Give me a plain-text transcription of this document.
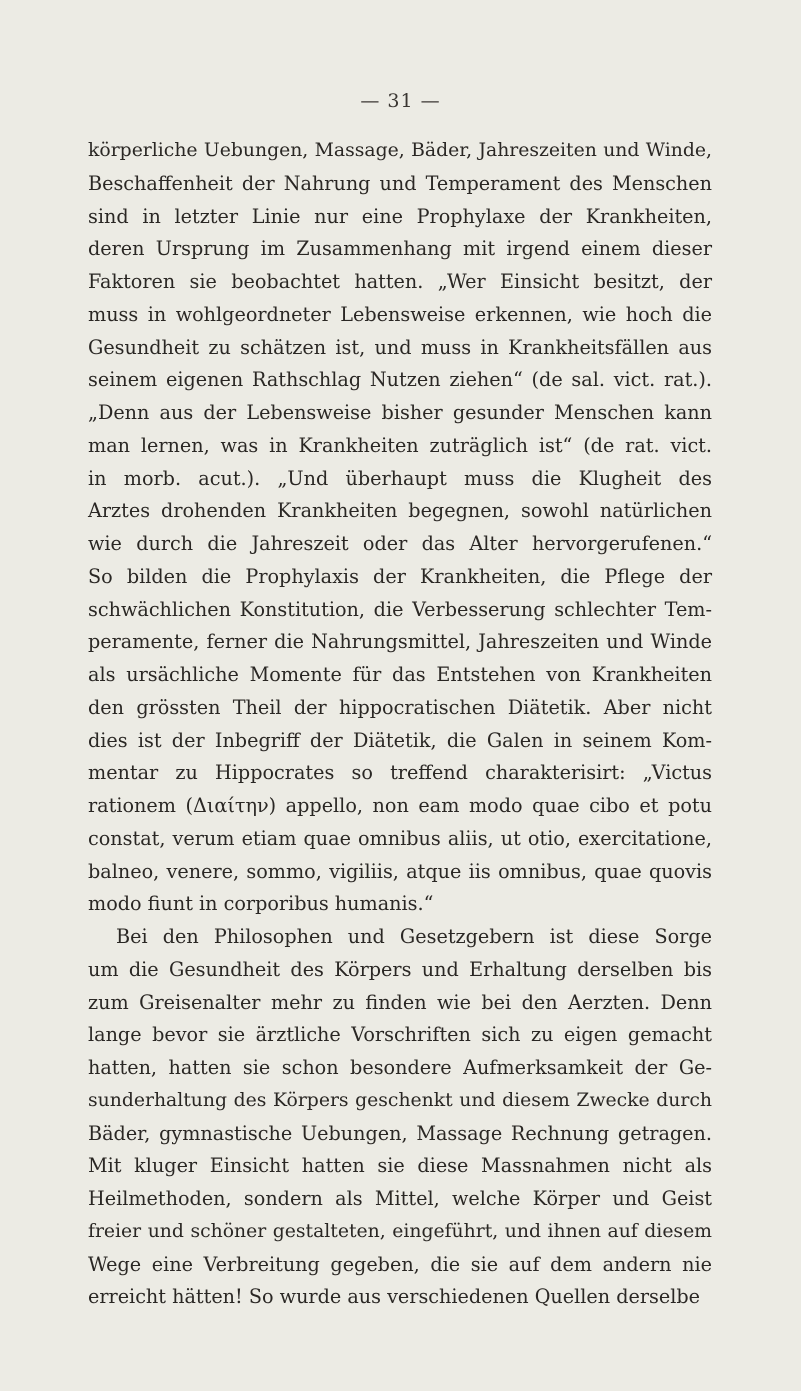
— 31 —
körperliche Uebungen, Massage, Bäder, Jahreszeiten und Winde,
Beschaffenheit der Nahrung und Temperament des Menschen
sind in letzter Linie nur eine Prophylaxe der Krankheiten,
deren Ursprung im Zusammenhang mit irgend einem dieser
Faktoren sie beobachtet hatten. „Wer Einsicht besitzt, der
muss in wohlgeordneter Lebensweise erkennen, wie hoch die
Gesundheit zu schätzen ist, und muss in Krankheitsfällen aus
seinem eigenen Rathschlag Nutzen ziehen“ (de sal. vict. rat.).
„Denn aus der Lebensweise bisher gesunder Menschen kann
man lernen, was in Krankheiten zuträglich ist“ (de rat. vict.
in morb. acut.). „Und überhaupt muss die Klugheit des
Arztes drohenden Krankheiten begegnen, sowohl natürlichen
wie durch die Jahreszeit oder das Alter hervorgerufenen.“
So bilden die Prophylaxis der Krankheiten, die Pflege der
schwächlichen Konstitution, die Verbesserung schlechter Tem-
peramente, ferner die Nahrungsmittel, Jahreszeiten und Winde
als ursächliche Momente für das Entstehen von Krankheiten
den grössten Theil der hippocratischen Diätetik. Aber nicht
dies ist der Inbegriff der Diätetik, die Galen in seinem Kom-
mentar zu Hippocrates so treffend charakterisirt: „Victus
rationem (Διαίτην) appello, non eam modo quae cibo et potu
constat, verum etiam quae omnibus aliis, ut otio, exercitatione,
balneo, venere, sommo, vigiliis, atque iis omnibus, quae quovis
modo fiunt in corporibus humanis.“
Bei den Philosophen und Gesetzgebern ist diese Sorge
um die Gesundheit des Körpers und Erhaltung derselben bis
zum Greisenalter mehr zu finden wie bei den Aerzten. Denn
lange bevor sie ärztliche Vorschriften sich zu eigen gemacht
hatten, hatten sie schon besondere Aufmerksamkeit der Ge-
sunderhaltung des Körpers geschenkt und diesem Zwecke durch
Bäder, gymnastische Uebungen, Massage Rechnung getragen.
Mit kluger Einsicht hatten sie diese Massnahmen nicht als
Heilmethoden, sondern als Mittel, welche Körper und Geist
freier und schöner gestalteten, eingeführt, und ihnen auf diesem
Wege eine Verbreitung gegeben, die sie auf dem andern nie
erreicht hätten! So wurde aus verschiedenen Quellen derselbe
